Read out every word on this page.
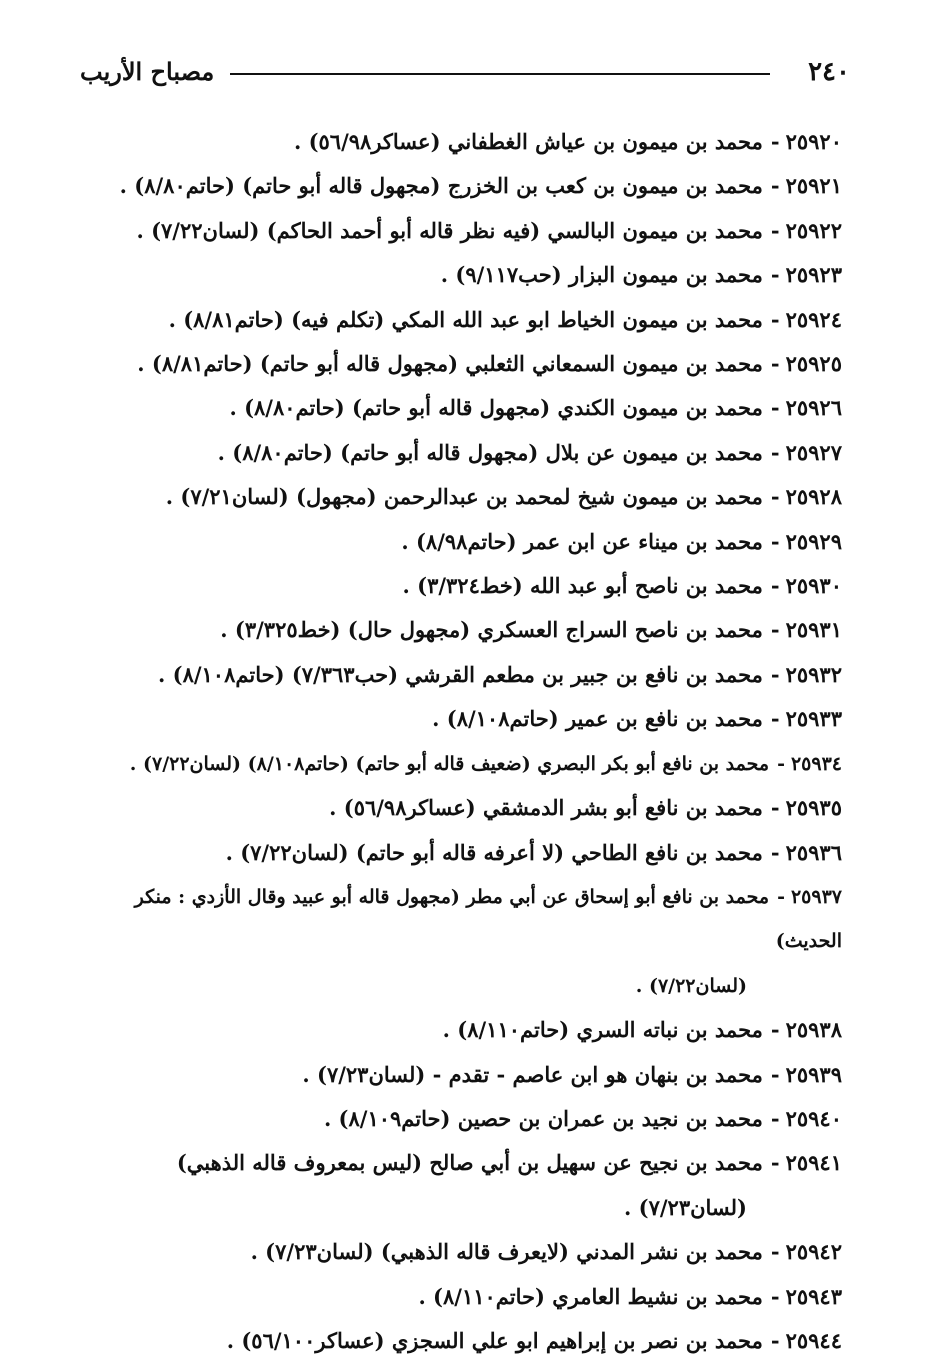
٢٤٠
مصباح الأريب
٢٥٩٢٠-محمد بن ميمون بن عياش الغطفاني (عساكر٥٦/٩٨) .
٢٥٩٢١-محمد بن ميمون بن كعب بن الخزرج (مجهول قاله أبو حاتم) (حاتم٨/٨٠) .
٢٥٩٢٢-محمد بن ميمون البالسي (فيه نظر قاله أبو أحمد الحاكم) (لسان٧/٢٢) .
٢٥٩٢٣-محمد بن ميمون البزار (حب٩/١١٧) .
٢٥٩٢٤-محمد بن ميمون الخياط ابو عبد الله المكي (تكلم فيه) (حاتم٨/٨١) .
٢٥٩٢٥-محمد بن ميمون السمعاني الثعلبي (مجهول قاله أبو حاتم) (حاتم٨/٨١) .
٢٥٩٢٦-محمد بن ميمون الكندي (مجهول قاله أبو حاتم) (حاتم٨/٨٠) .
٢٥٩٢٧-محمد بن ميمون عن بلال (مجهول قاله أبو حاتم) (حاتم٨/٨٠) .
٢٥٩٢٨-محمد بن ميمون شيخ لمحمد بن عبدالرحمن (مجهول) (لسان٧/٢١) .
٢٥٩٢٩-محمد بن ميناء عن ابن عمر (حاتم٨/٩٨) .
٢٥٩٣٠-محمد بن ناصح أبو عبد الله (خط٣/٣٢٤) .
٢٥٩٣١-محمد بن ناصح السراج العسكري (مجهول حال) (خط٣/٣٢٥) .
٢٥٩٣٢-محمد بن نافع بن جبير بن مطعم القرشي (حب٧/٣٦٣) (حاتم٨/١٠٨) .
٢٥٩٣٣-محمد بن نافع بن عمير (حاتم٨/١٠٨) .
٢٥٩٣٤-محمد بن نافع أبو بكر البصري (ضعيف قاله أبو حاتم) (حاتم٨/١٠٨) (لسان٧/٢٢) .
٢٥٩٣٥-محمد بن نافع أبو بشر الدمشقي (عساكر٥٦/٩٨) .
٢٥٩٣٦-محمد بن نافع الطاحي (لا أعرفه قاله أبو حاتم) (لسان٧/٢٢) .
٢٥٩٣٧-محمد بن نافع أبو إسحاق عن أبي مطر (مجهول قاله أبو عبيد وقال الأزدي : منكر الحديث)
(لسان٧/٢٢) .
٢٥٩٣٨-محمد بن نباته السري (حاتم٨/١١٠) .
٢٥٩٣٩-محمد بن بنهان هو ابن عاصم - تقدم - (لسان٧/٢٣) .
٢٥٩٤٠-محمد بن نجيد بن عمران بن حصين (حاتم٨/١٠٩) .
٢٥٩٤١-محمد بن نجيح عن سهيل بن أبي صالح (ليس بمعروف قاله الذهبي)
(لسان٧/٢٣) .
٢٥٩٤٢-محمد بن نشر المدني (لايعرف قاله الذهبي) (لسان٧/٢٣) .
٢٥٩٤٣-محمد بن نشيط العامري (حاتم٨/١١٠) .
٢٥٩٤٤-محمد بن نصر بن إبراهيم ابو علي السجزي (عساكر٥٦/١٠٠) .
